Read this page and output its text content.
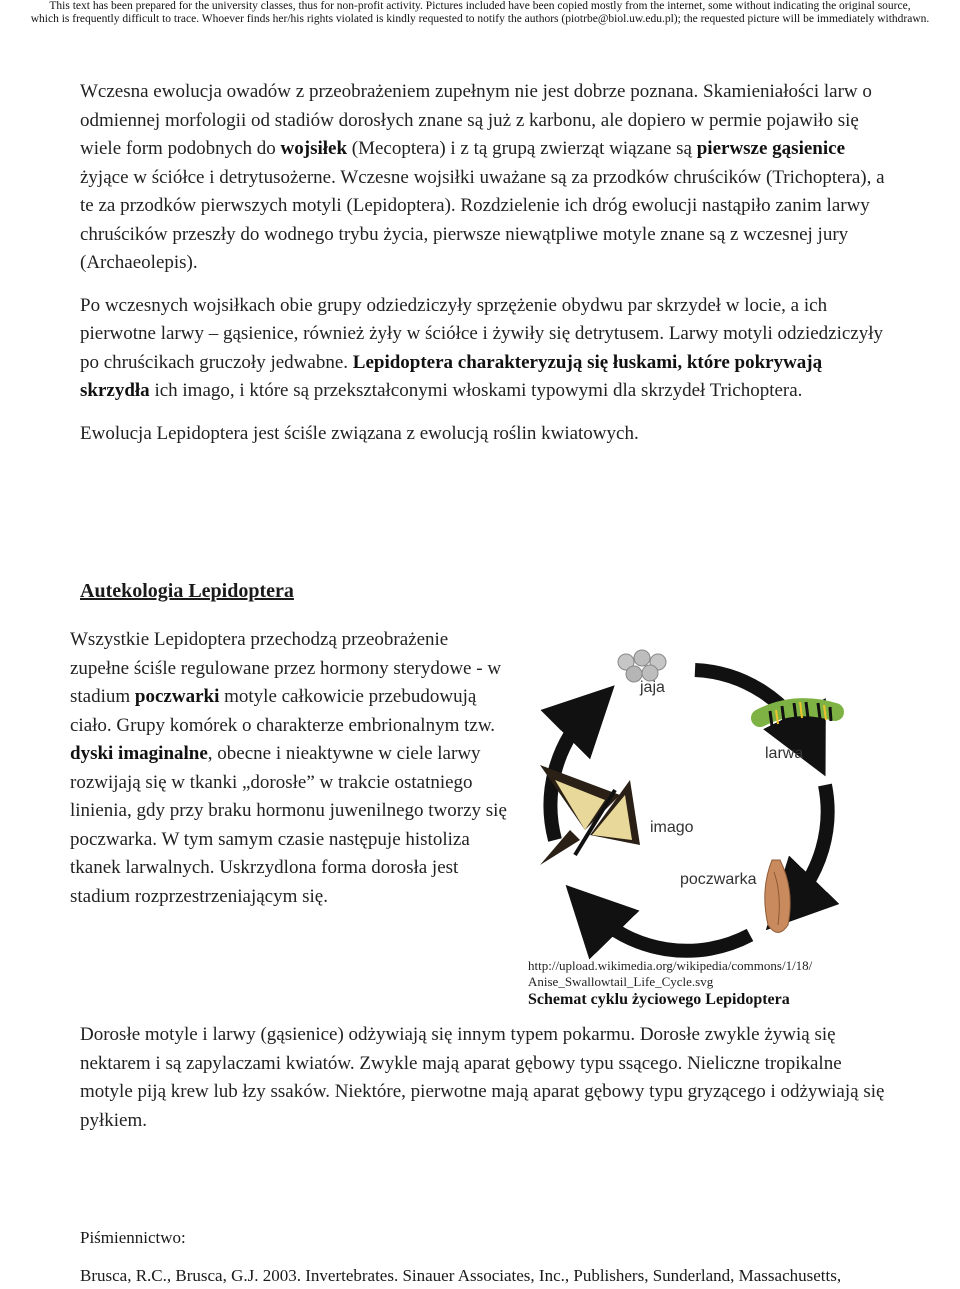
This text has been prepared for the university classes, thus for non-profit activity. Pictures included have been copied mostly from the internet, some without indicating the original source,
which is frequently difficult to trace. Whoever finds her/his rights violated is kindly requested to notify the authors (piotrbe@biol.uw.edu.pl); the requested picture will be immediately withdrawn.

Wczesna ewolucja owadów z przeobrażeniem zupełnym nie jest dobrze poznana. Skamieniałości larw o odmiennej morfologii od stadiów dorosłych znane są już z karbonu, ale dopiero w permie pojawiło się wiele form podobnych do wojsiłek (Mecoptera) i z tą grupą zwierząt wiązane są pierwsze gąsienice żyjące w ściółce i detrytusożerne. Wczesne wojsiłki uważane są za przodków chruścików (Trichoptera), a te za przodków pierwszych motyli (Lepidoptera). Rozdzielenie ich dróg ewolucji nastąpiło zanim larwy chruścików przeszły do wodnego trybu życia, pierwsze niewątpliwe motyle znane są z wczesnej jury (Archaeolepis).

Po wczesnych wojsiłkach obie grupy odziedziczyły sprzężenie obydwu par skrzydeł w locie, a ich pierwotne larwy – gąsienice, również żyły w ściółce i żywiły się detrytusem. Larwy motyli odziedziczyły po chruścikach gruczoły jedwabne. Lepidoptera charakteryzują się łuskami, które pokrywają skrzydła ich imago, i które są przekształconymi włoskami typowymi dla skrzydeł Trichoptera.

Ewolucja Lepidoptera jest ściśle związana z ewolucją roślin kwiatowych.

Autekologia Lepidoptera

Wszystkie Lepidoptera przechodzą przeobrażenie zupełne ściśle regulowane przez hormony sterydowe - w stadium poczwarki motyle całkowicie przebudowują ciało. Grupy komórek o charakterze embrionalnym tzw. dyski imaginalne, obecne i nieaktywne w ciele larwy rozwijają się w tkanki „dorosłe” w trakcie ostatniego linienia, gdy przy braku hormonu juwenilnego tworzy się poczwarka. W tym samym czasie następuje histoliza tkanek larwalnych. Uskrzydlona forma dorosła jest stadium rozprzestrzeniającym się.

jaja
larwa
poczwarka
imago
http://upload.wikimedia.org/wikipedia/commons/1/18/
Anise_Swallowtail_Life_Cycle.svg
Schemat cyklu życiowego Lepidoptera

Dorosłe motyle i larwy (gąsienice) odżywiają się innym typem pokarmu. Dorosłe zwykle żywią się nektarem i są zapylaczami kwiatów. Zwykle mają aparat gębowy typu ssącego. Nieliczne tropikalne motyle piją krew lub łzy ssaków. Niektóre, pierwotne mają aparat gębowy typu gryzącego i odżywiają się pyłkiem.

Piśmiennictwo:
Brusca, R.C., Brusca, G.J. 2003. Invertebrates. Sinauer Associates, Inc., Publishers, Sunderland, Massachusetts,
